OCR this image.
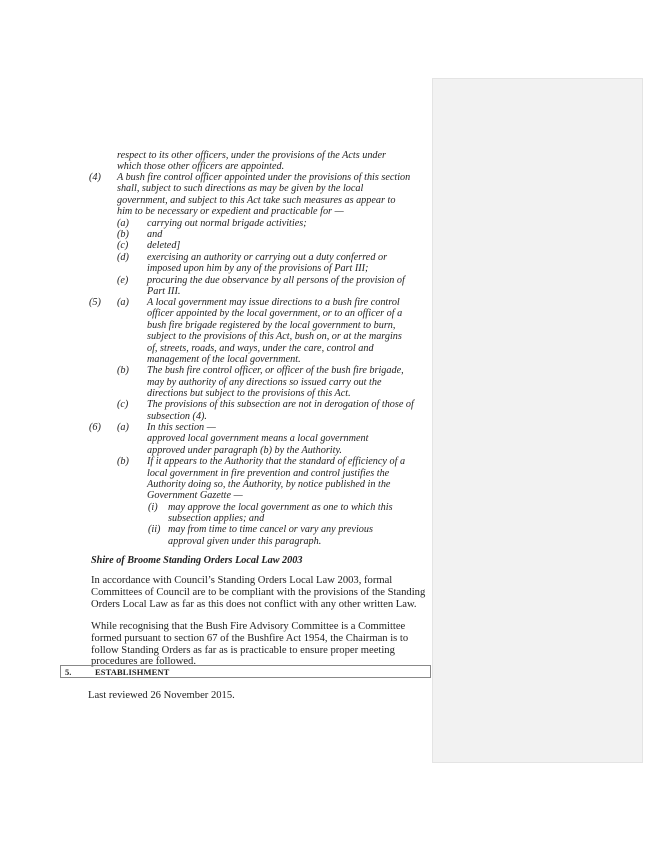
respect to its other officers, under the provisions of the Acts under
which those other officers are appointed.
(4) A bush fire control officer appointed under the provisions of this section
shall, subject to such directions as may be given by the local
government, and subject to this Act take such measures as appear to
him to be necessary or expedient and practicable for —
(a) carrying out normal brigade activities;
(b) and
(c) deleted]
(d) exercising an authority or carrying out a duty conferred or
imposed upon him by any of the provisions of Part III;
(e) procuring the due observance by all persons of the provision of
Part III.
(5) (a) A local government may issue directions to a bush fire control
officer appointed by the local government, or to an officer of a
bush fire brigade registered by the local government to burn,
subject to the provisions of this Act, bush on, or at the margins
of, streets, roads, and ways, under the care, control and
management of the local government.
(b) The bush fire control officer, or officer of the bush fire brigade,
may by authority of any directions so issued carry out the
directions but subject to the provisions of this Act.
(c) The provisions of this subsection are not in derogation of those of
subsection (4).
(6) (a) In this section —
approved local government means a local government
approved under paragraph (b) by the Authority.
(b) If it appears to the Authority that the standard of efficiency of a
local government in fire prevention and control justifies the
Authority doing so, the Authority, by notice published in the
Government Gazette —
(i) may approve the local government as one to which this
subsection applies; and
(ii) may from time to time cancel or vary any previous
approval given under this paragraph.
Shire of Broome Standing Orders Local Law 2003
In accordance with Council’s Standing Orders Local Law 2003, formal Committees of Council are to be compliant with the provisions of the Standing Orders Local Law as far as this does not conflict with any other written Law.
While recognising that the Bush Fire Advisory Committee is a Committee formed pursuant to section 67 of the Bushfire Act 1954, the Chairman is to follow Standing Orders as far as is practicable to ensure proper meeting procedures are followed.
5.	ESTABLISHMENT
Last reviewed 26 November 2015.
